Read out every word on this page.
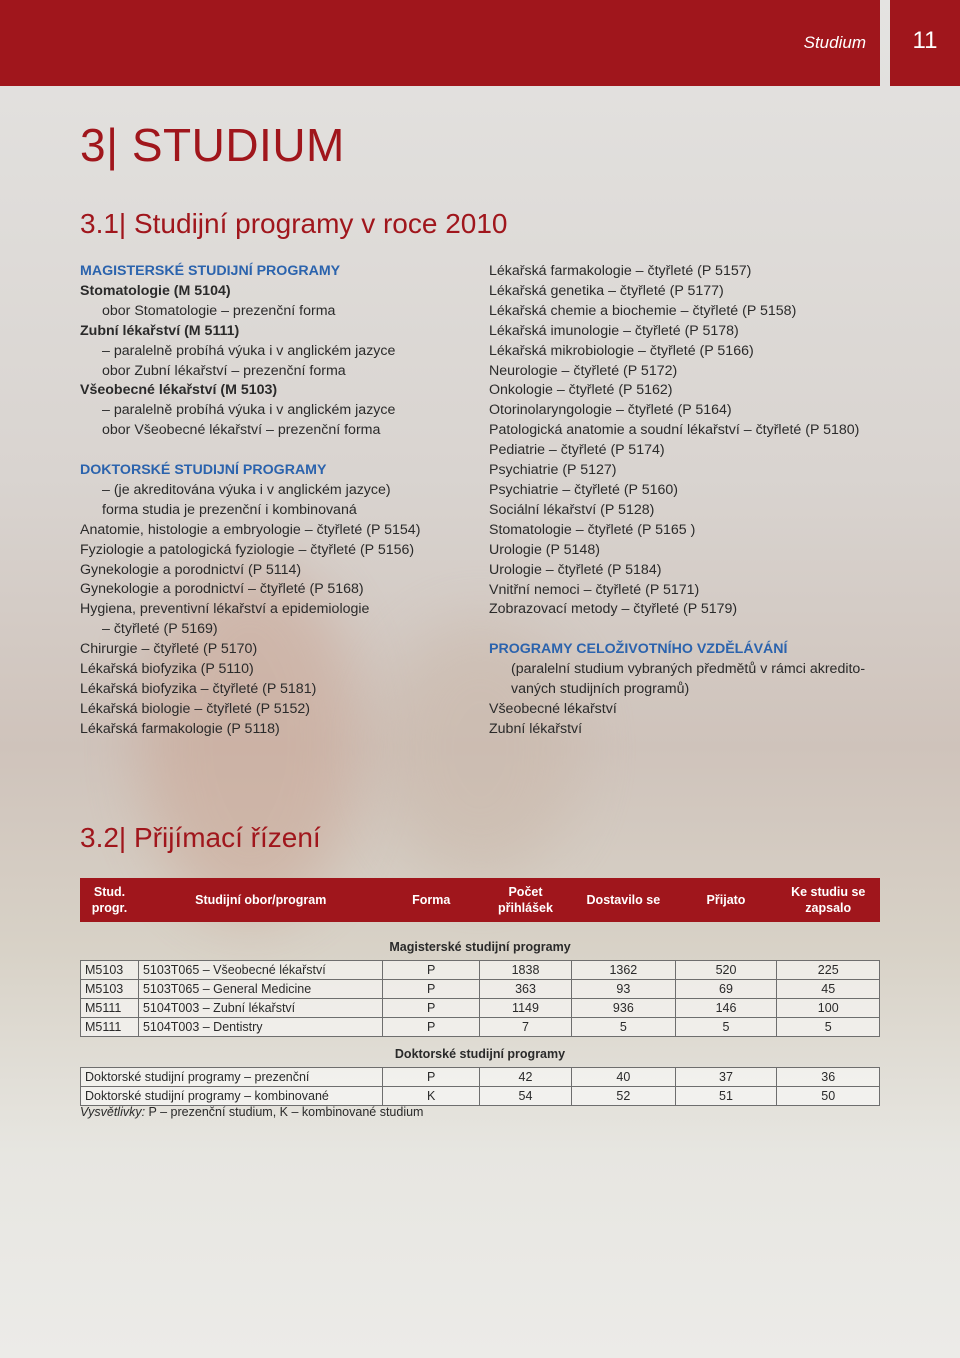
Studium	11
3| STUDIUM
3.1| Studijní programy v roce 2010
MAGISTERSKÉ STUDIJNÍ PROGRAMY
Stomatologie (M 5104)
obor Stomatologie – prezenční forma
Zubní lékařství (M 5111)
– paralelně probíhá výuka i v anglickém jazyce
obor Zubní lékařství – prezenční forma
Všeobecné lékařství (M 5103)
– paralelně probíhá výuka i v anglickém jazyce
obor Všeobecné lékařství – prezenční forma
DOKTORSKÉ STUDIJNÍ PROGRAMY
– (je akreditována výuka i v anglickém jazyce)
forma studia je prezenční i kombinovaná
Anatomie, histologie a embryologie – čtyřleté (P 5154)
Fyziologie a patologická fyziologie – čtyřleté (P 5156)
Gynekologie a porodnictví (P 5114)
Gynekologie a porodnictví – čtyřleté (P 5168)
Hygiena, preventivní lékařství a epidemiologie
– čtyřleté (P 5169)
Chirurgie – čtyřleté (P 5170)
Lékařská biofyzika (P 5110)
Lékařská biofyzika – čtyřleté (P 5181)
Lékařská biologie – čtyřleté (P 5152)
Lékařská farmakologie (P 5118)
Lékařská farmakologie – čtyřleté (P 5157)
Lékařská genetika – čtyřleté (P 5177)
Lékařská chemie a biochemie – čtyřleté (P 5158)
Lékařská imunologie – čtyřleté (P 5178)
Lékařská mikrobiologie – čtyřleté (P 5166)
Neurologie – čtyřleté (P 5172)
Onkologie – čtyřleté (P 5162)
Otorinolaryngologie – čtyřleté (P 5164)
Patologická anatomie a soudní lékařství – čtyřleté (P 5180)
Pediatrie – čtyřleté (P 5174)
Psychiatrie (P 5127)
Psychiatrie – čtyřleté (P 5160)
Sociální lékařství (P 5128)
Stomatologie – čtyřleté (P 5165 )
Urologie (P 5148)
Urologie – čtyřleté (P 5184)
Vnitřní nemoci – čtyřleté (P 5171)
Zobrazovací metody – čtyřleté (P 5179)
PROGRAMY CELOŽIVOTNÍHO VZDĚLÁVÁNÍ
(paralelní studium vybraných předmětů v rámci akredito-
vaných studijních programů)
Všeobecné lékařství
Zubní lékařství
3.2| Přijímací řízení
Stud. progr.	Studijní obor/program	Forma	Počet přihlášek	Dostavilo se	Přijato	Ke studiu se zapsalo

Magisterské studijní programy						
M5103	5103T065 – Všeobecné lékařství	P	1838	1362	520	225
M5103	5103T065 – General Medicine	P	363	93	69	45
M5111	5104T003 – Zubní lékařství	P	1149	936	146	100
M5111	5104T003 – Dentistry	P	7	5	5	5
Doktorské studijní programy						
Doktorské studijní programy – prezenční		P	42	40	37	36
Doktorské studijní programy – kombinované		K	54	52	51	50
Vysvětlivky: P – prezenční studium, K – kombinované studium
